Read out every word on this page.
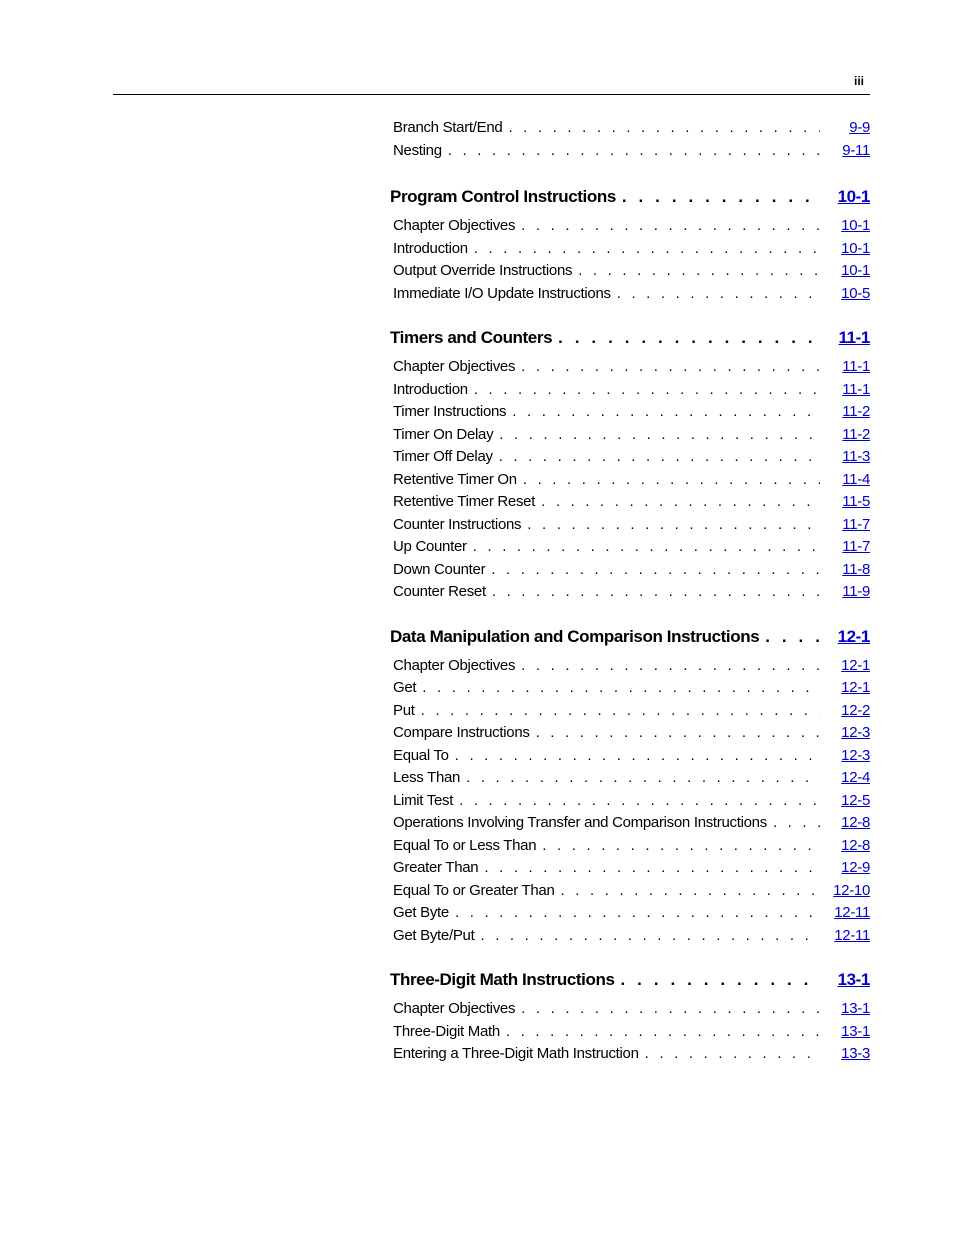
iii
Branch Start/End . . .	9-9
Nesting . . .	9-11
Program Control Instructions . . .	10-1
Chapter Objectives . . .	10-1
Introduction . . .	10-1
Output Override Instructions . . .	10-1
Immediate I/O Update Instructions . . .	10-5
Timers and Counters . . .	11-1
Chapter Objectives . . .	11-1
Introduction . . .	11-1
Timer Instructions . . .	11-2
Timer On Delay . . .	11-2
Timer Off Delay . . .	11-3
Retentive Timer On . . .	11-4
Retentive Timer Reset . . .	11-5
Counter Instructions . . .	11-7
Up Counter . . .	11-7
Down Counter . . .	11-8
Counter Reset . . .	11-9
Data Manipulation and Comparison Instructions . . .	12-1
Chapter Objectives . . .	12-1
Get . . .	12-1
Put . . .	12-2
Compare Instructions . . .	12-3
Equal To . . .	12-3
Less Than . . .	12-4
Limit Test . . .	12-5
Operations Involving Transfer and Comparison Instructions . . .	12-8
Equal To or Less Than . . .	12-8
Greater Than . . .	12-9
Equal To or Greater Than . . .	12-10
Get Byte . . .	12-11
Get Byte/Put . . .	12-11
Three-Digit Math Instructions . . .	13-1
Chapter Objectives . . .	13-1
Three-Digit Math . . .	13-1
Entering a Three-Digit Math Instruction . . .	13-3
